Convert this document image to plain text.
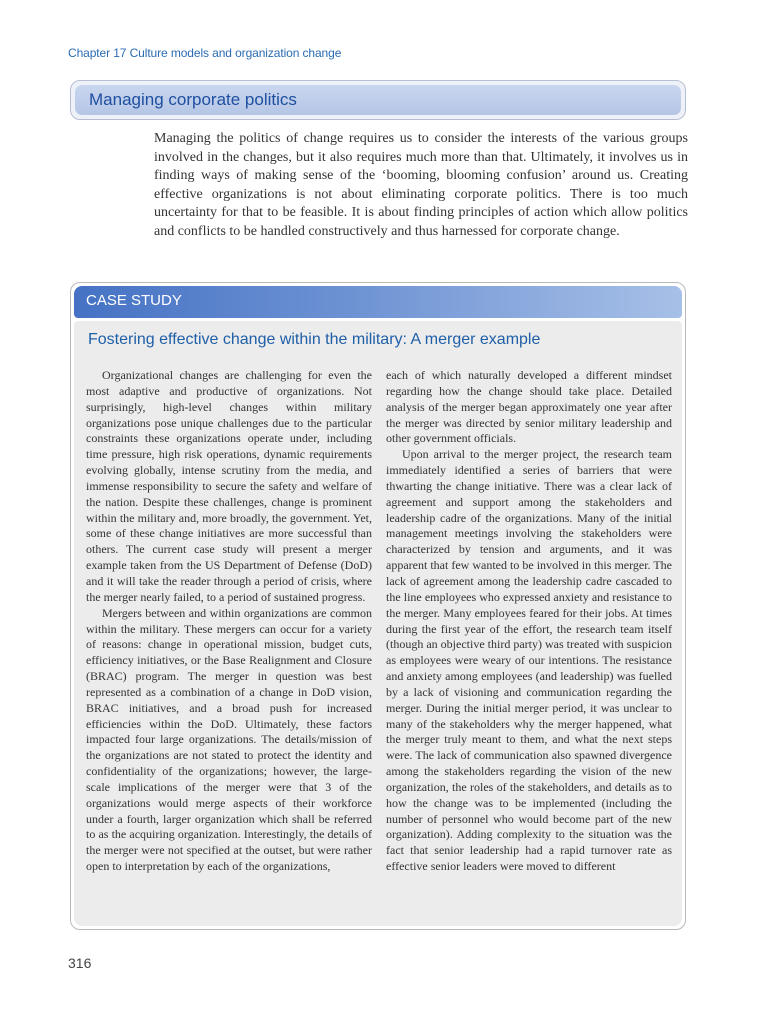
Chapter 17 Culture models and organization change
Managing corporate politics

Managing the politics of change requires us to consider the interests of the various groups involved in the changes, but it also requires much more than that. Ultimately, it involves us in finding ways of making sense of the ‘booming, blooming confusion’ around us. Creating effective organizations is not about eliminating corporate politics. There is too much uncertainty for that to be feasible. It is about finding principles of action which allow politics and conflicts to be handled constructively and thus harnessed for corporate change.

CASE STUDY
Fostering effective change within the military: A merger example

Organizational changes are challenging for even the most adaptive and productive of organizations. Not surprisingly, high-level changes within military organizations pose unique challenges due to the particular constraints these organizations operate under, including time pressure, high risk operations, dynamic requirements evolving globally, intense scrutiny from the media, and immense responsibility to secure the safety and welfare of the nation. Despite these challenges, change is prominent within the military and, more broadly, the government. Yet, some of these change initiatives are more successful than others. The current case study will present a merger example taken from the US Department of Defense (DoD) and it will take the reader through a period of crisis, where the merger nearly failed, to a period of sustained progress.

Mergers between and within organizations are common within the military. These mergers can occur for a variety of reasons: change in operational mission, budget cuts, efficiency initiatives, or the Base Realignment and Closure (BRAC) program. The merger in question was best represented as a combination of a change in DoD vision, BRAC initiatives, and a broad push for increased efficiencies within the DoD. Ultimately, these factors impacted four large organizations. The details/mission of the organizations are not stated to protect the identity and confidentiality of the organizations; however, the large-scale implications of the merger were that 3 of the organizations would merge aspects of their workforce under a fourth, larger organization which shall be referred to as the acquiring organization. Interestingly, the details of the merger were not specified at the outset, but were rather open to interpretation by each of the organizations,

each of which naturally developed a different mindset regarding how the change should take place. Detailed analysis of the merger began approximately one year after the merger was directed by senior military leadership and other government officials.

Upon arrival to the merger project, the research team immediately identified a series of barriers that were thwarting the change initiative. There was a clear lack of agreement and support among the stakeholders and leadership cadre of the organizations. Many of the initial management meetings involving the stakeholders were characterized by tension and arguments, and it was apparent that few wanted to be involved in this merger. The lack of agreement among the leadership cadre cascaded to the line employees who expressed anxiety and resistance to the merger. Many employees feared for their jobs. At times during the first year of the effort, the research team itself (though an objective third party) was treated with suspicion as employees were weary of our intentions. The resistance and anxiety among employees (and leadership) was fuelled by a lack of visioning and communication regarding the merger. During the initial merger period, it was unclear to many of the stakeholders why the merger happened, what the merger truly meant to them, and what the next steps were. The lack of communication also spawned divergence among the stakeholders regarding the vision of the new organization, the roles of the stakeholders, and details as to how the change was to be implemented (including the number of personnel who would become part of the new organization). Adding complexity to the situation was the fact that senior leadership had a rapid turnover rate as effective senior leaders were moved to different

316
